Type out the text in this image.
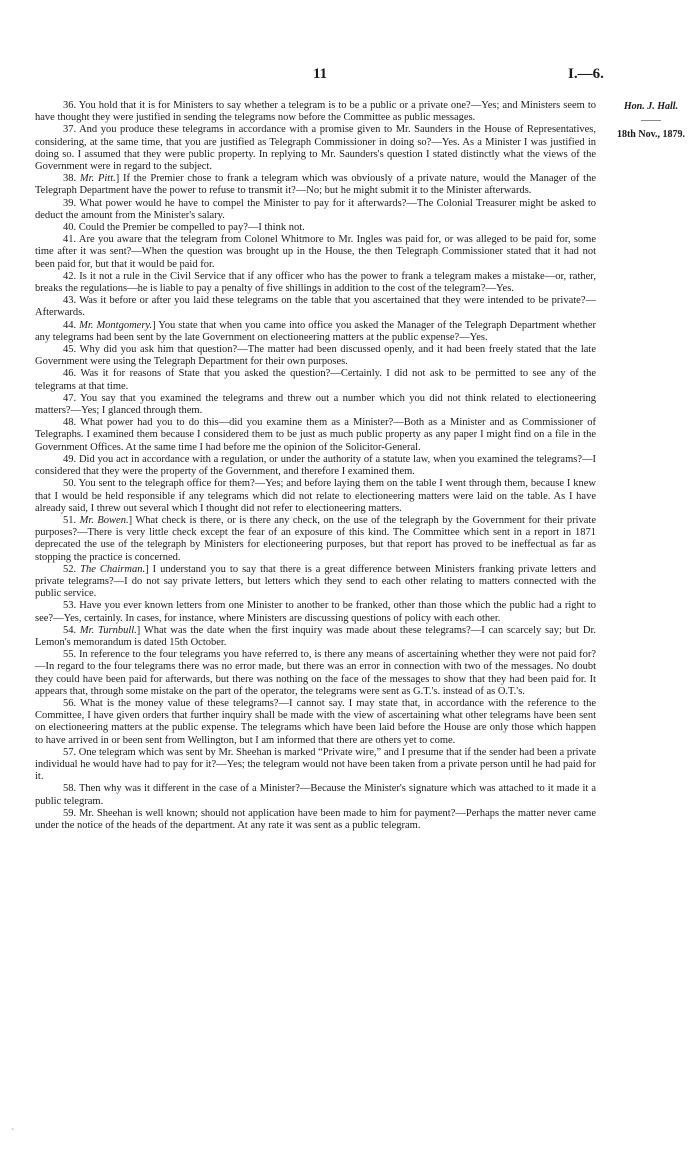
11	I.—6.
Hon. J. Hall.
——
18th Nov., 1879.

36. You hold that it is for Ministers to say whether a telegram is to be a public or a private one?—Yes; and Ministers seem to have thought they were justified in sending the telegrams now before the Committee as public messages.

37. And you produce these telegrams in accordance with a promise given to Mr. Saunders in the House of Representatives, considering, at the same time, that you are justified as Telegraph Commissioner in doing so?—Yes. As a Minister I was justified in doing so. I assumed that they were public property. In replying to Mr. Saunders's question I stated distinctly what the views of the Government were in regard to the subject.

38. Mr. Pitt.] If the Premier chose to frank a telegram which was obviously of a private nature, would the Manager of the Telegraph Department have the power to refuse to transmit it?—No; but he might submit it to the Minister afterwards.

39. What power would he have to compel the Minister to pay for it afterwards?—The Colonial Treasurer might be asked to deduct the amount from the Minister's salary.

40. Could the Premier be compelled to pay?—I think not.

41. Are you aware that the telegram from Colonel Whitmore to Mr. Ingles was paid for, or was alleged to be paid for, some time after it was sent?—When the question was brought up in the House, the then Telegraph Commissioner stated that it had not been paid for, but that it would be paid for.

42. Is it not a rule in the Civil Service that if any officer who has the power to frank a telegram makes a mistake—or, rather, breaks the regulations—he is liable to pay a penalty of five shillings in addition to the cost of the telegram?—Yes.

43. Was it before or after you laid these telegrams on the table that you ascertained that they were intended to be private?—Afterwards.

44. Mr. Montgomery.] You state that when you came into office you asked the Manager of the Telegraph Department whether any telegrams had been sent by the late Government on electioneering matters at the public expense?—Yes.

45. Why did you ask him that question?—The matter had been discussed openly, and it had been freely stated that the late Government were using the Telegraph Department for their own purposes.

46. Was it for reasons of State that you asked the question?—Certainly. I did not ask to be permitted to see any of the telegrams at that time.

47. You say that you examined the telegrams and threw out a number which you did not think related to electioneering matters?—Yes; I glanced through them.

48. What power had you to do this—did you examine them as a Minister?—Both as a Minister and as Commissioner of Telegraphs. I examined them because I considered them to be just as much public property as any paper I might find on a file in the Government Offices. At the same time I had before me the opinion of the Solicitor-General.

49. Did you act in accordance with a regulation, or under the authority of a statute law, when you examined the telegrams?—I considered that they were the property of the Government, and therefore I examined them.

50. You sent to the telegraph office for them?—Yes; and before laying them on the table I went through them, because I knew that I would be held responsible if any telegrams which did not relate to electioneering matters were laid on the table. As I have already said, I threw out several which I thought did not refer to electioneering matters.

51. Mr. Bowen.] What check is there, or is there any check, on the use of the telegraph by the Government for their private purposes?—There is very little check except the fear of an exposure of this kind. The Committee which sent in a report in 1871 deprecated the use of the telegraph by Ministers for electioneering purposes, but that report has proved to be ineffectual as far as stopping the practice is concerned.

52. The Chairman.] I understand you to say that there is a great difference between Ministers franking private letters and private telegrams?—I do not say private letters, but letters which they send to each other relating to matters connected with the public service.

53. Have you ever known letters from one Minister to another to be franked, other than those which the public had a right to see?—Yes, certainly. In cases, for instance, where Ministers are discussing questions of policy with each other.

54. Mr. Turnbull.] What was the date when the first inquiry was made about these telegrams?—I can scarcely say; but Dr. Lemon's memorandum is dated 15th October.

55. In reference to the four telegrams you have referred to, is there any means of ascertaining whether they were not paid for?—In regard to the four telegrams there was no error made, but there was an error in connection with two of the messages. No doubt they could have been paid for afterwards, but there was nothing on the face of the messages to show that they had been paid for. It appears that, through some mistake on the part of the operator, the telegrams were sent as G.T.'s. instead of as O.T.'s.

56. What is the money value of these telegrams?—I cannot say. I may state that, in accordance with the reference to the Committee, I have given orders that further inquiry shall be made with the view of ascertaining what other telegrams have been sent on electioneering matters at the public expense. The telegrams which have been laid before the House are only those which happen to have arrived in or been sent from Wellington, but I am informed that there are others yet to come.

57. One telegram which was sent by Mr. Sheehan is marked “Private wire,” and I presume that if the sender had been a private individual he would have had to pay for it?—Yes; the telegram would not have been taken from a private person until he had paid for it.

58. Then why was it different in the case of a Minister?—Because the Minister's signature which was attached to it made it a public telegram.

59. Mr. Sheehan is well known; should not application have been made to him for payment?—Perhaps the matter never came under the notice of the heads of the department. At any rate it was sent as a public telegram.

`
